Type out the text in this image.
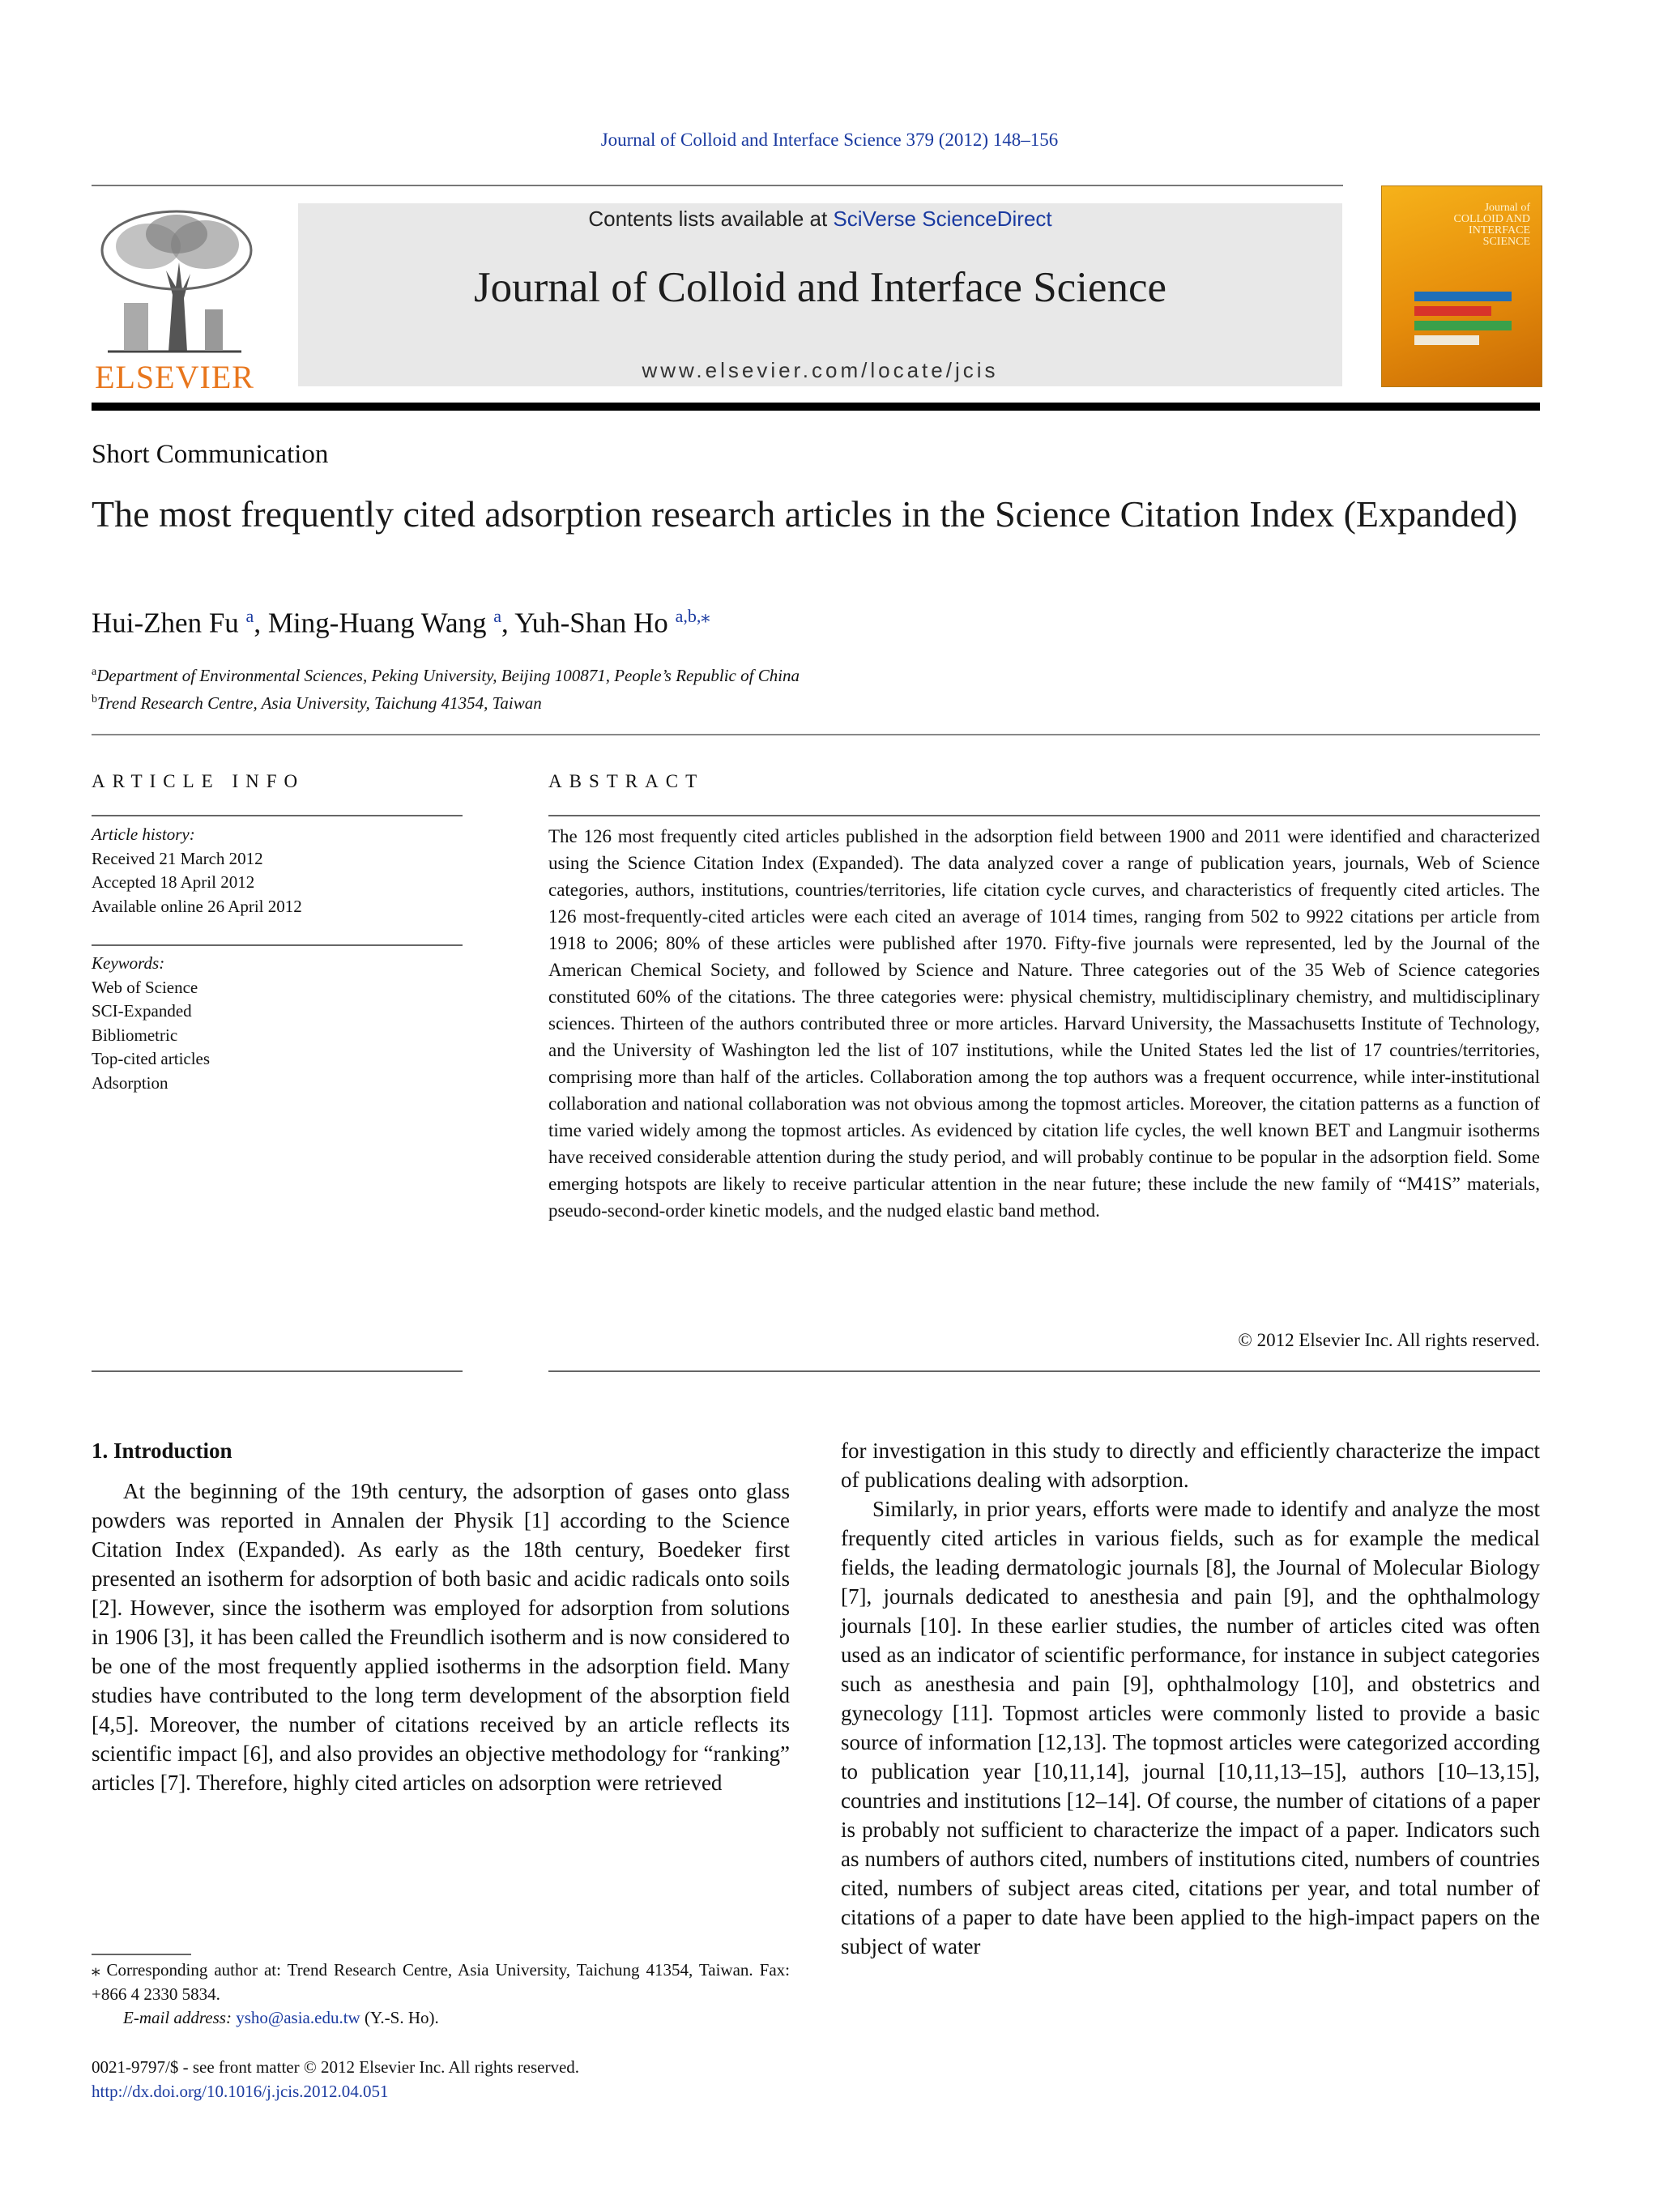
Journal of Colloid and Interface Science 379 (2012) 148–156
ELSEVIER
Contents lists available at SciVerse ScienceDirect
Journal of Colloid and Interface Science
www.elsevier.com/locate/jcis
Journal of COLLOID AND INTERFACE SCIENCE
Short Communication
The most frequently cited adsorption research articles in the Science Citation Index (Expanded)
Hui-Zhen Fu $^a$, Ming-Huang Wang $^a$, Yuh-Shan Ho $^{a,b,⁎}$
$^a$Department of Environmental Sciences, Peking University, Beijing 100871, People’s Republic of China
$^b$Trend Research Centre, Asia University, Taichung 41354, Taiwan
ARTICLE INFO	ABSTRACT
Article history:
Received 21 March 2012
Accepted 18 April 2012
Available online 26 April 2012
Keywords:
Web of Science
SCI-Expanded
Bibliometric
Top-cited articles
Adsorption
The 126 most frequently cited articles published in the adsorption field between 1900 and 2011 were identified and characterized using the Science Citation Index (Expanded). The data analyzed cover a range of publication years, journals, Web of Science categories, authors, institutions, countries/territories, life citation cycle curves, and characteristics of frequently cited articles. The 126 most-frequently-cited articles were each cited an average of 1014 times, ranging from 502 to 9922 citations per article from 1918 to 2006; 80% of these articles were published after 1970. Fifty-five journals were represented, led by the Journal of the American Chemical Society, and followed by Science and Nature. Three categories out of the 35 Web of Science categories constituted 60% of the citations. The three categories were: physical chemistry, multidisciplinary chemistry, and multidisciplinary sciences. Thirteen of the authors contributed three or more articles. Harvard University, the Massachusetts Institute of Technology, and the University of Washington led the list of 107 institutions, while the United States led the list of 17 countries/territories, comprising more than half of the articles. Collaboration among the top authors was a frequent occurrence, while inter-institutional collaboration and national collaboration was not obvious among the topmost articles. Moreover, the citation patterns as a function of time varied widely among the topmost articles. As evidenced by citation life cycles, the well known BET and Langmuir isotherms have received considerable attention during the study period, and will probably continue to be popular in the adsorption field. Some emerging hotspots are likely to receive particular attention in the near future; these include the new family of “M41S” materials, pseudo-second-order kinetic models, and the nudged elastic band method.
© 2012 Elsevier Inc. All rights reserved.
1. Introduction

At the beginning of the 19th century, the adsorption of gases onto glass powders was reported in Annalen der Physik [1] according to the Science Citation Index (Expanded). As early as the 18th century, Boedeker first presented an isotherm for adsorption of both basic and acidic radicals onto soils [2]. However, since the isotherm was employed for adsorption from solutions in 1906 [3], it has been called the Freundlich isotherm and is now considered to be one of the most frequently applied isotherms in the adsorption field. Many studies have contributed to the long term development of the absorption field [4,5]. Moreover, the number of citations received by an article reflects its scientific impact [6], and also provides an objective methodology for “ranking” articles [7]. Therefore, highly cited articles on adsorption were retrieved

for investigation in this study to directly and efficiently characterize the impact of publications dealing with adsorption.

Similarly, in prior years, efforts were made to identify and analyze the most frequently cited articles in various fields, such as for example the medical fields, the leading dermatologic journals [8], the Journal of Molecular Biology [7], journals dedicated to anesthesia and pain [9], and the ophthalmology journals [10]. In these earlier studies, the number of articles cited was often used as an indicator of scientific performance, for instance in subject categories such as anesthesia and pain [9], ophthalmology [10], and obstetrics and gynecology [11]. Topmost articles were commonly listed to provide a basic source of information [12,13]. The topmost articles were categorized according to publication year [10,11,14], journal [10,11,13–15], authors [10–13,15], countries and institutions [12–14]. Of course, the number of citations of a paper is probably not sufficient to characterize the impact of a paper. Indicators such as numbers of authors cited, numbers of institutions cited, numbers of countries cited, numbers of subject areas cited, citations per year, and total number of citations of a paper to date have been applied to the high-impact papers on the subject of water

⁎ Corresponding author at: Trend Research Centre, Asia University, Taichung 41354, Taiwan. Fax: +866 4 2330 5834.
E-mail address: ysho@asia.edu.tw (Y.-S. Ho).
0021-9797/$ - see front matter © 2012 Elsevier Inc. All rights reserved.
http://dx.doi.org/10.1016/j.jcis.2012.04.051
